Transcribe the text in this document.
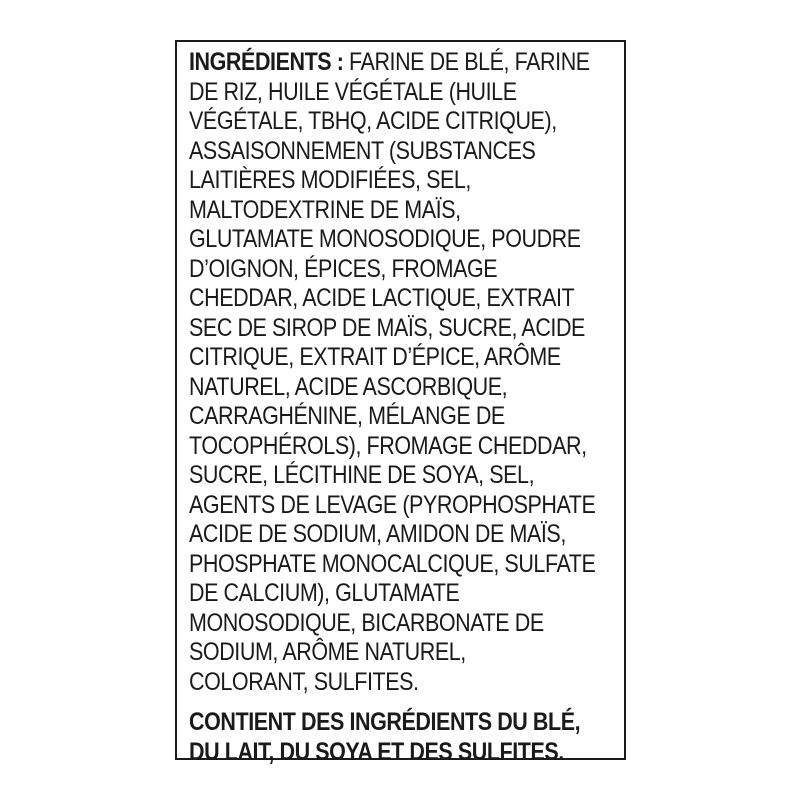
INGRÉDIENTS : FARINE DE BLÉ, FARINE
DE RIZ, HUILE VÉGÉTALE (HUILE
VÉGÉTALE, TBHQ, ACIDE CITRIQUE),
ASSAISONNEMENT (SUBSTANCES
LAITIÈRES MODIFIÉES, SEL,
MALTODEXTRINE DE MAÏS,
GLUTAMATE MONOSODIQUE, POUDRE
D’OIGNON, ÉPICES, FROMAGE
CHEDDAR, ACIDE LACTIQUE, EXTRAIT
SEC DE SIROP DE MAÏS, SUCRE, ACIDE
CITRIQUE, EXTRAIT D’ÉPICE, ARÔME
NATUREL, ACIDE ASCORBIQUE,
CARRAGHÉNINE, MÉLANGE DE
TOCOPHÉROLS), FROMAGE CHEDDAR,
SUCRE, LÉCITHINE DE SOYA, SEL,
AGENTS DE LEVAGE (PYROPHOSPHATE
ACIDE DE SODIUM, AMIDON DE MAÏS,
PHOSPHATE MONOCALCIQUE, SULFATE
DE CALCIUM), GLUTAMATE
MONOSODIQUE, BICARBONATE DE
SODIUM, ARÔME NATUREL,
COLORANT, SULFITES.
CONTIENT DES INGRÉDIENTS DU BLÉ,
DU LAIT, DU SOYA ET DES SULFITES.
